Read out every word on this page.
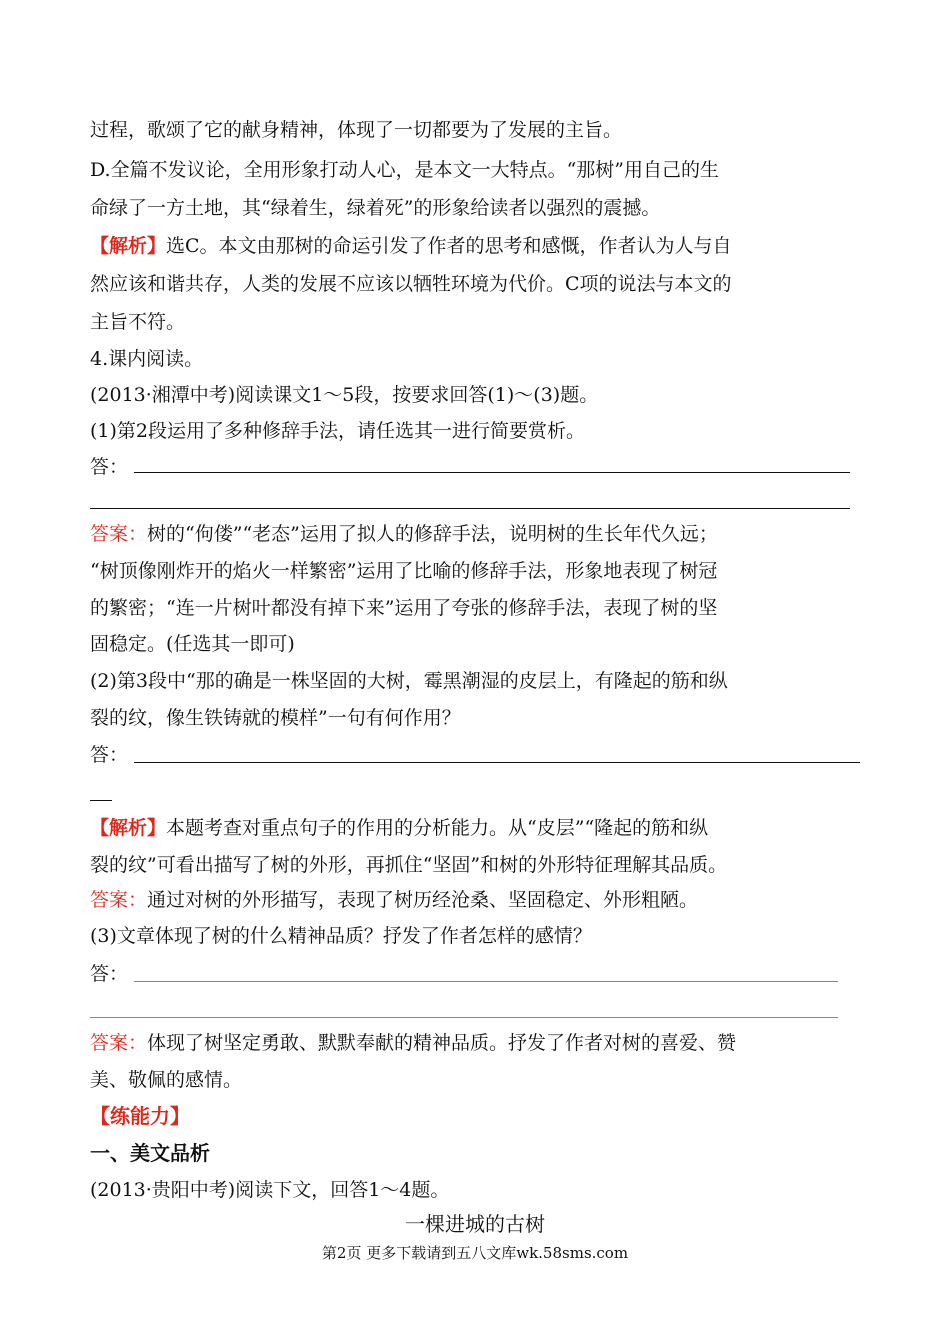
过程，歌颂了它的献身精神，体现了一切都要为了发展的主旨。
D.全篇不发议论，全用形象打动人心，是本文一大特点。“那树”用自己的生
命绿了一方土地，其“绿着生，绿着死”的形象给读者以强烈的震撼。
【解析】选C。本文由那树的命运引发了作者的思考和感慨，作者认为人与自
然应该和谐共存，人类的发展不应该以牺牲环境为代价。C项的说法与本文的
主旨不符。
4.课内阅读。
(2013·湘潭中考)阅读课文1～5段，按要求回答(1)～(3)题。
(1)第2段运用了多种修辞手法，请任选其一进行简要赏析。
答：
答案：树的“佝偻”“老态”运用了拟人的修辞手法，说明树的生长年代久远；
“树顶像刚炸开的焰火一样繁密”运用了比喻的修辞手法，形象地表现了树冠
的繁密；“连一片树叶都没有掉下来”运用了夸张的修辞手法，表现了树的坚
固稳定。(任选其一即可)
(2)第3段中“那的确是一株坚固的大树，霉黑潮湿的皮层上，有隆起的筋和纵
裂的纹，像生铁铸就的模样”一句有何作用？
答：
【解析】本题考查对重点句子的作用的分析能力。从“皮层”“隆起的筋和纵
裂的纹”可看出描写了树的外形，再抓住“坚固”和树的外形特征理解其品质。
答案：通过对树的外形描写，表现了树历经沧桑、坚固稳定、外形粗陋。
(3)文章体现了树的什么精神品质？抒发了作者怎样的感情？
答：
答案：体现了树坚定勇敢、默默奉献的精神品质。抒发了作者对树的喜爱、赞
美、敬佩的感情。
【练能力】
一、美文品析
(2013·贵阳中考)阅读下文，回答1～4题。
一棵进城的古树
第2页 更多下载请到五八文库wk.58sms.com
